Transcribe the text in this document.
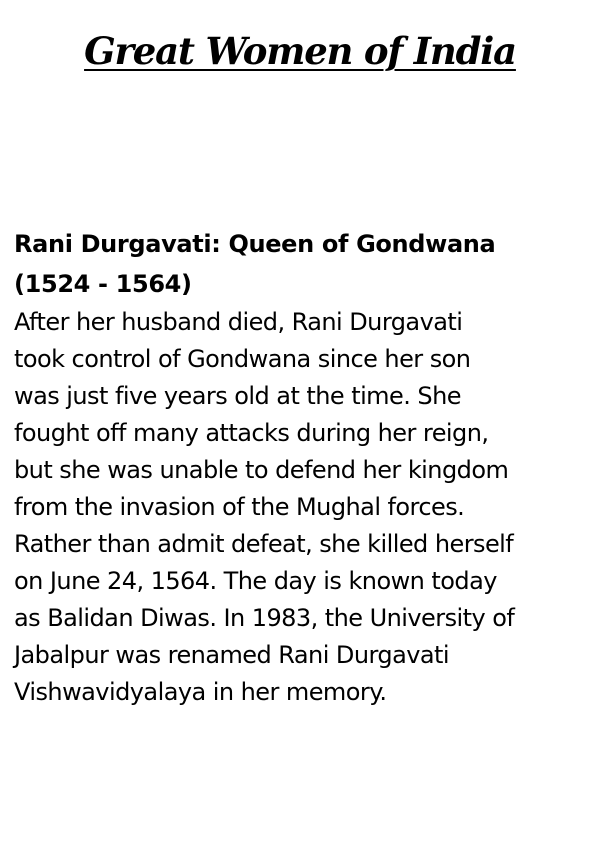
Great Women of India
Rani Durgavati: Queen of Gondwana
(1524 - 1564)

After her husband died, Rani Durgavati
took control of Gondwana since her son
was just five years old at the time. She
fought off many attacks during her reign,
but she was unable to defend her kingdom
from the invasion of the Mughal forces.
Rather than admit defeat, she killed herself
on June 24, 1564. The day is known today
as Balidan Diwas. In 1983, the University of
Jabalpur was renamed Rani Durgavati
Vishwavidyalaya in her memory.
